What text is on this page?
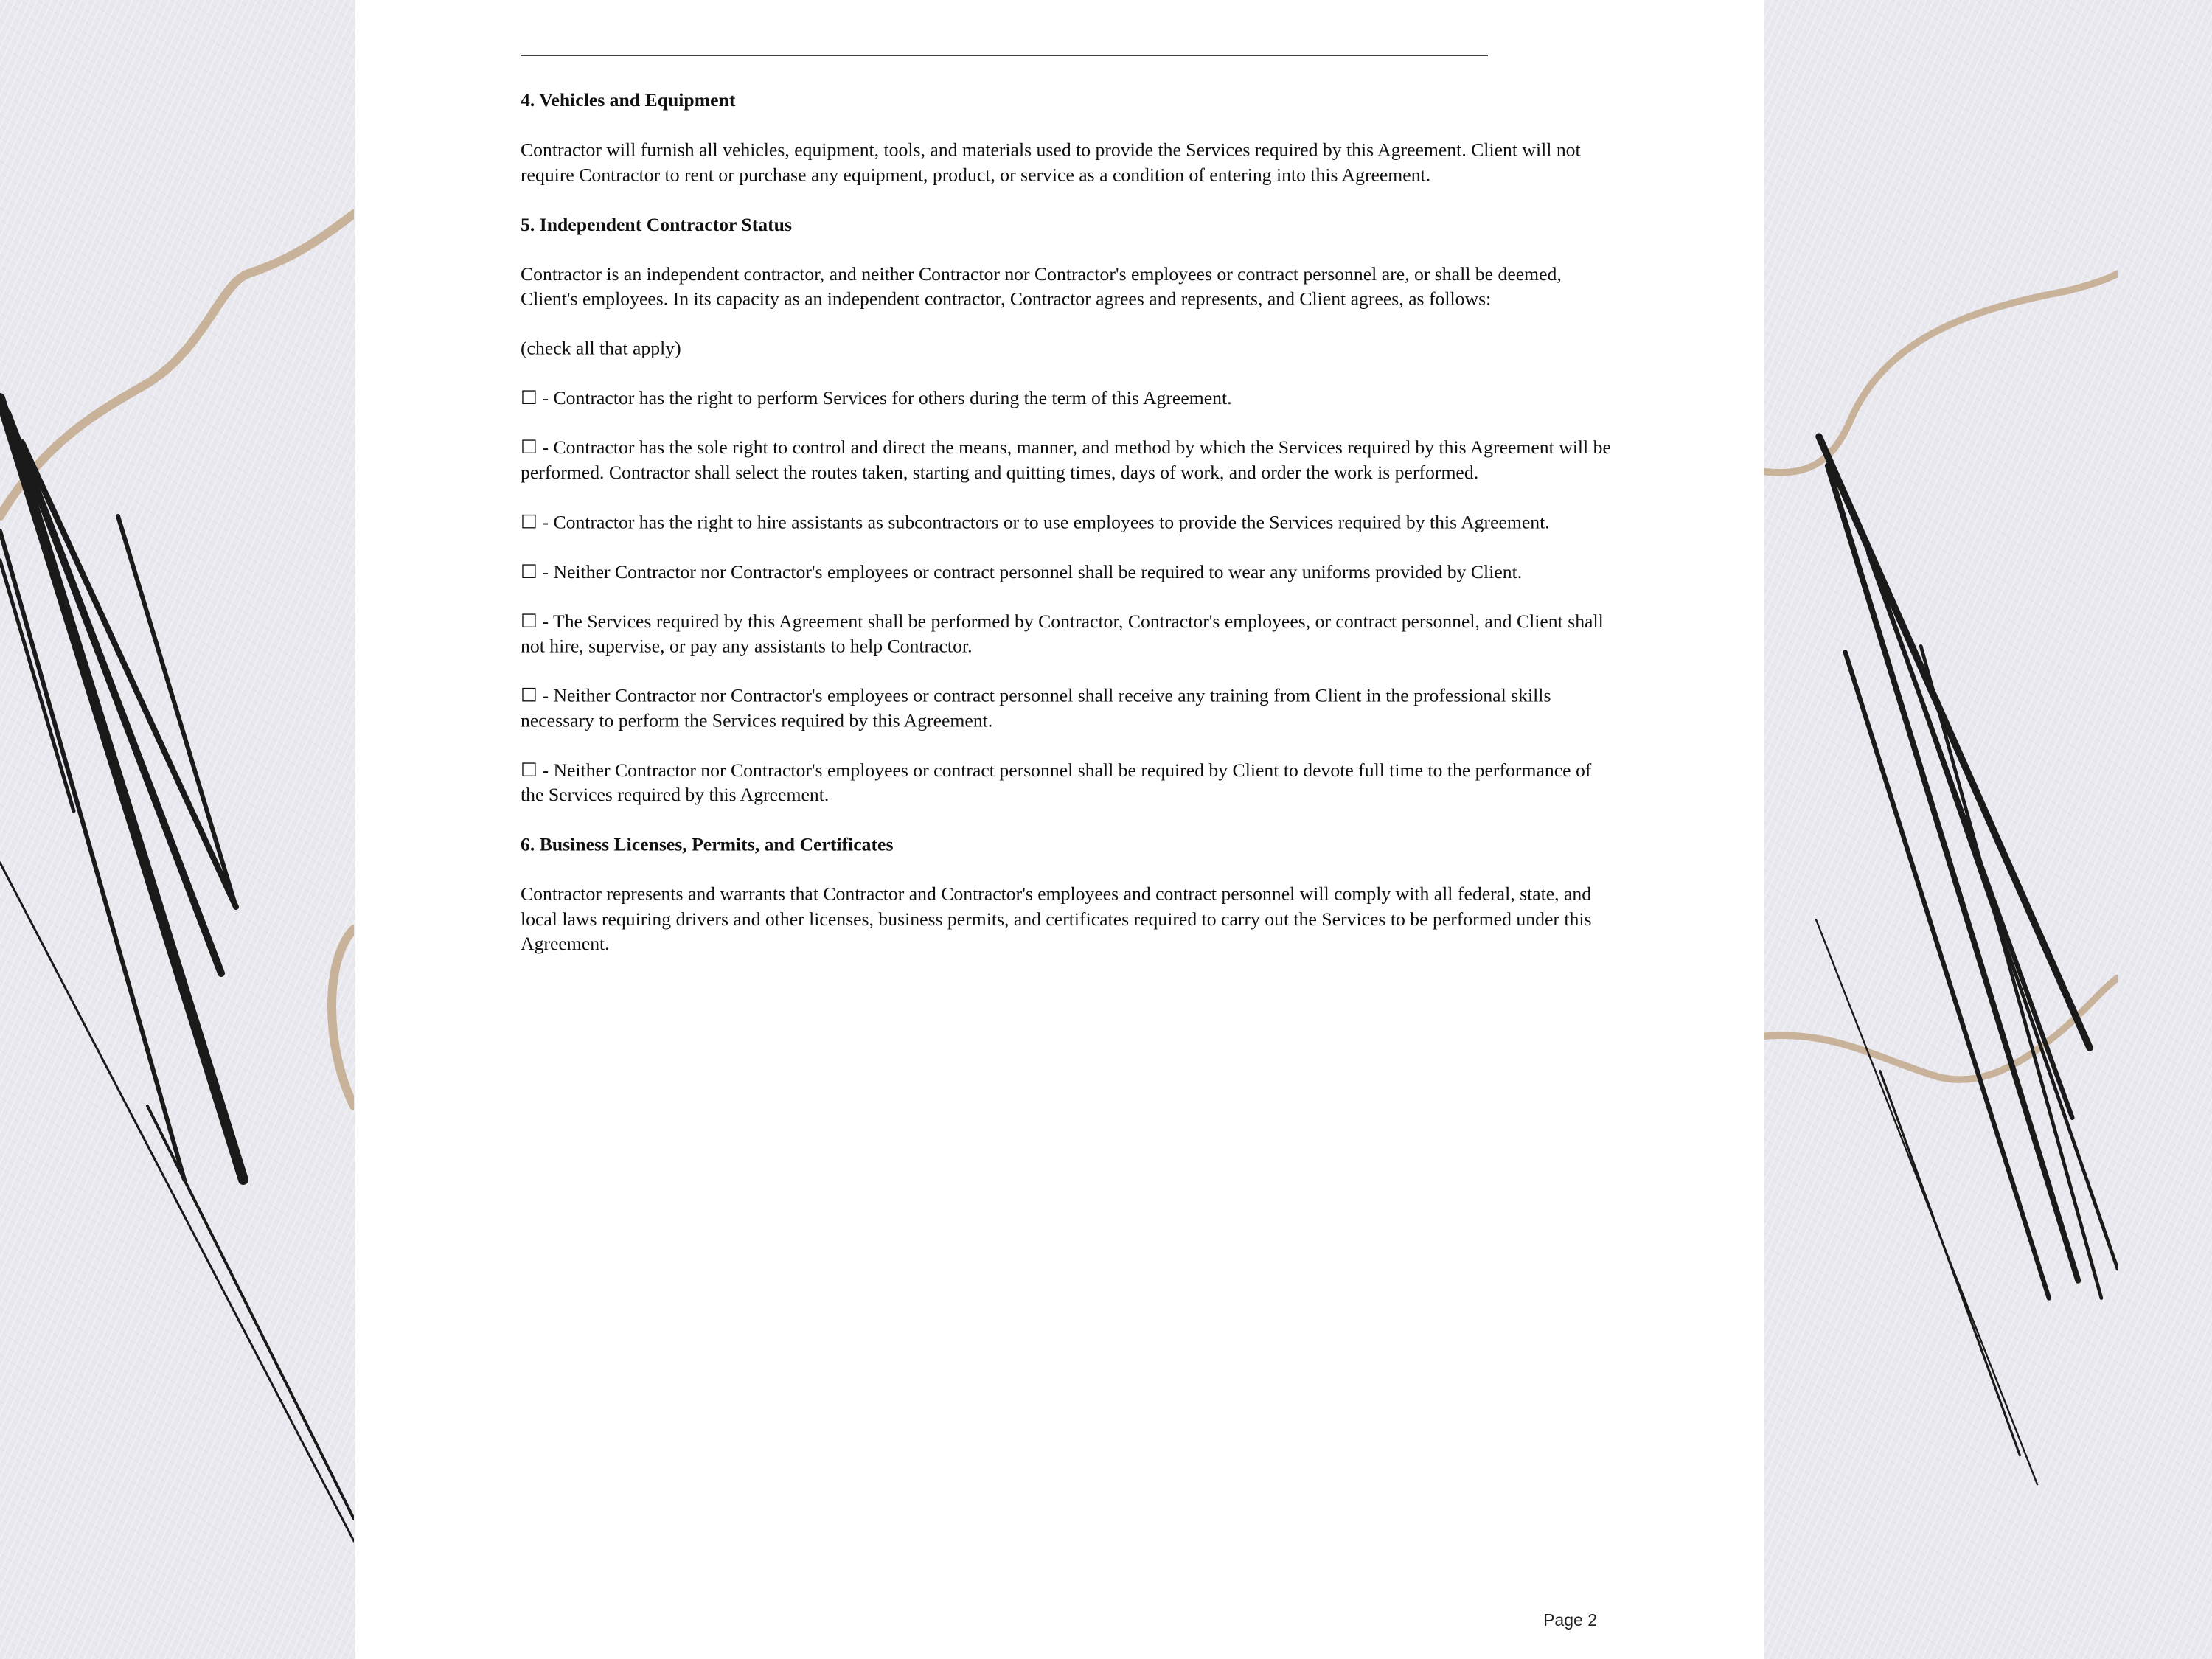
4. Vehicles and Equipment

Contractor will furnish all vehicles, equipment, tools, and materials used to provide the Services required by this Agreement. Client will not require Contractor to rent or purchase any equipment, product, or service as a condition of entering into this Agreement.

5. Independent Contractor Status

Contractor is an independent contractor, and neither Contractor nor Contractor's employees or contract personnel are, or shall be deemed, Client's employees. In its capacity as an independent contractor, Contractor agrees and represents, and Client agrees, as follows:

(check all that apply)

☐ - Contractor has the right to perform Services for others during the term of this Agreement.
☐ - Contractor has the sole right to control and direct the means, manner, and method by which the Services required by this Agreement will be performed. Contractor shall select the routes taken, starting and quitting times, days of work, and order the work is performed.
☐ - Contractor has the right to hire assistants as subcontractors or to use employees to provide the Services required by this Agreement.
☐ - Neither Contractor nor Contractor's employees or contract personnel shall be required to wear any uniforms provided by Client.
☐ - The Services required by this Agreement shall be performed by Contractor, Contractor's employees, or contract personnel, and Client shall not hire, supervise, or pay any assistants to help Contractor.
☐ - Neither Contractor nor Contractor's employees or contract personnel shall receive any training from Client in the professional skills necessary to perform the Services required by this Agreement.
☐ - Neither Contractor nor Contractor's employees or contract personnel shall be required by Client to devote full time to the performance of the Services required by this Agreement.
6. Business Licenses, Permits, and Certificates

Contractor represents and warrants that Contractor and Contractor's employees and contract personnel will comply with all federal, state, and local laws requiring drivers and other licenses, business permits, and certificates required to carry out the Services to be performed under this Agreement.

Page 2
